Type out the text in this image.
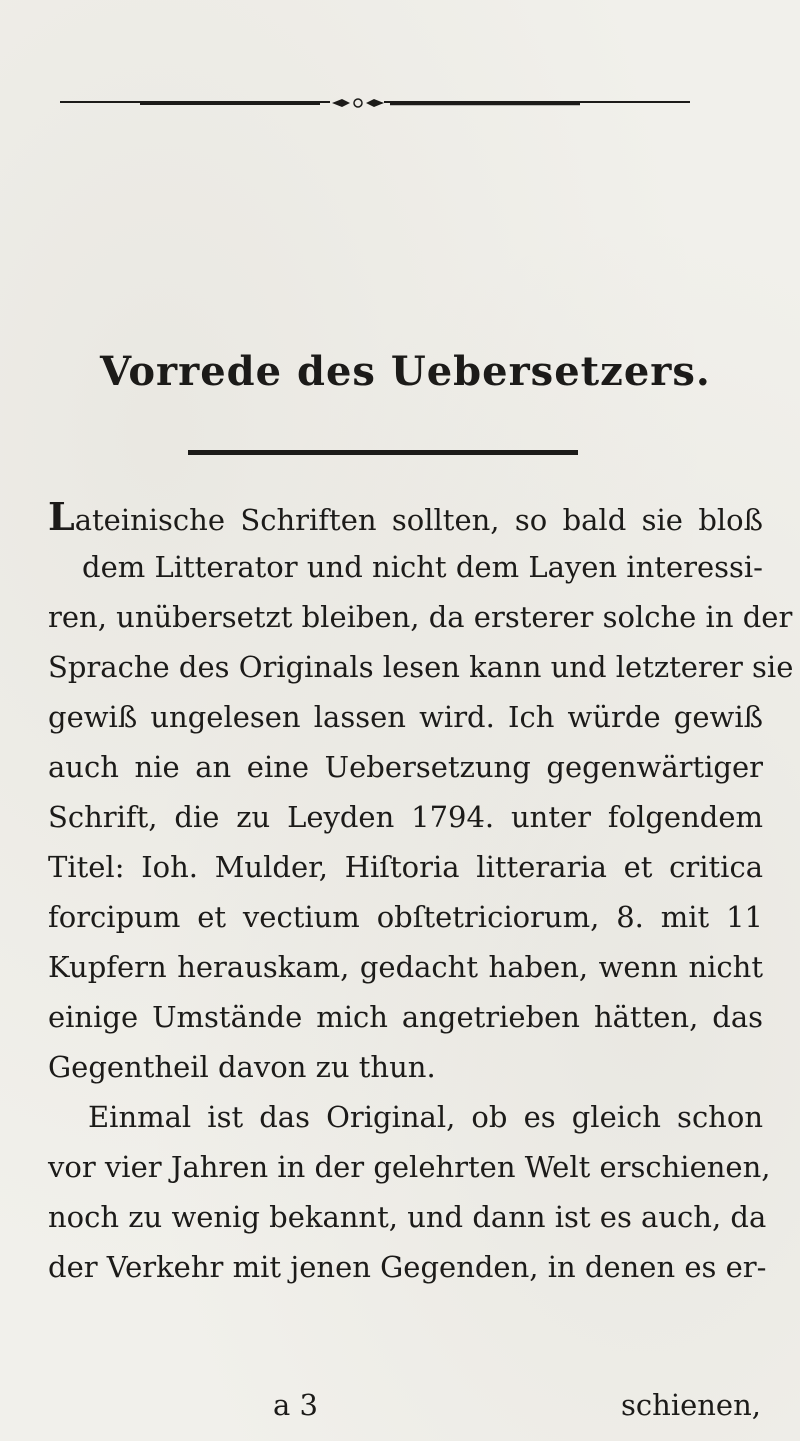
Vorrede des Uebersetzers.
Lateinische Schriften sollten, so bald sie bloß
dem Litterator und nicht dem Layen interessi-
ren, unübersetzt bleiben, da ersterer solche in der
Sprache des Originals lesen kann und letzterer sie
gewiß ungelesen lassen wird. Ich würde gewiß
auch nie an eine Uebersetzung gegenwärtiger
Schrift, die zu Leyden 1794. unter folgendem
Titel: Ioh. Mulder, Hiſtoria litteraria et critica
forcipum et vectium obſtetriciorum, 8. mit 11
Kupfern herauskam, gedacht haben, wenn nicht
einige Umstände mich angetrieben hätten, das
Gegentheil davon zu thun.
Einmal ist das Original, ob es gleich schon
vor vier Jahren in der gelehrten Welt erschienen,
noch zu wenig bekannt, und dann ist es auch, da
der Verkehr mit jenen Gegenden, in denen es er-
a 3	schienen,
